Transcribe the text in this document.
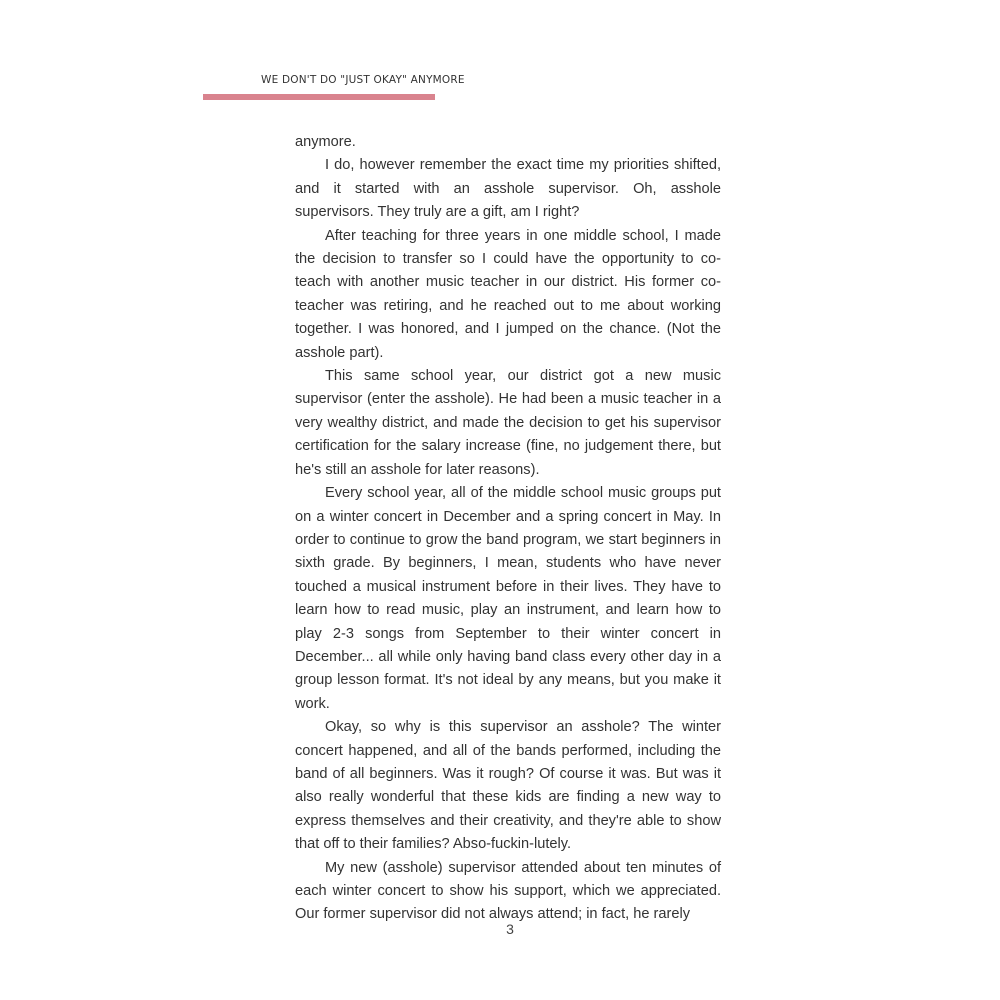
WE DON'T DO "JUST OKAY" ANYMORE

anymore.

I do, however remember the exact time my priorities shifted, and it started with an asshole supervisor. Oh, asshole supervisors. They truly are a gift, am I right?

After teaching for three years in one middle school, I made the decision to transfer so I could have the opportunity to co-teach with another music teacher in our district. His former co-teacher was retiring, and he reached out to me about working together. I was honored, and I jumped on the chance. (Not the asshole part).

This same school year, our district got a new music supervisor (enter the asshole). He had been a music teacher in a very wealthy district, and made the decision to get his supervisor certification for the salary increase (fine, no judgement there, but he's still an asshole for later reasons).

Every school year, all of the middle school music groups put on a winter concert in December and a spring concert in May. In order to continue to grow the band program, we start beginners in sixth grade. By beginners, I mean, students who have never touched a musical instrument before in their lives. They have to learn how to read music, play an instrument, and learn how to play 2-3 songs from September to their winter concert in December... all while only having band class every other day in a group lesson format. It's not ideal by any means, but you make it work.

Okay, so why is this supervisor an asshole? The winter concert happened, and all of the bands performed, including the band of all beginners. Was it rough? Of course it was. But was it also really wonderful that these kids are finding a new way to express themselves and their creativity, and they're able to show that off to their families? Abso-fuckin-lutely.

My new (asshole) supervisor attended about ten minutes of each winter concert to show his support, which we appreciated. Our former supervisor did not always attend; in fact, he rarely

3
